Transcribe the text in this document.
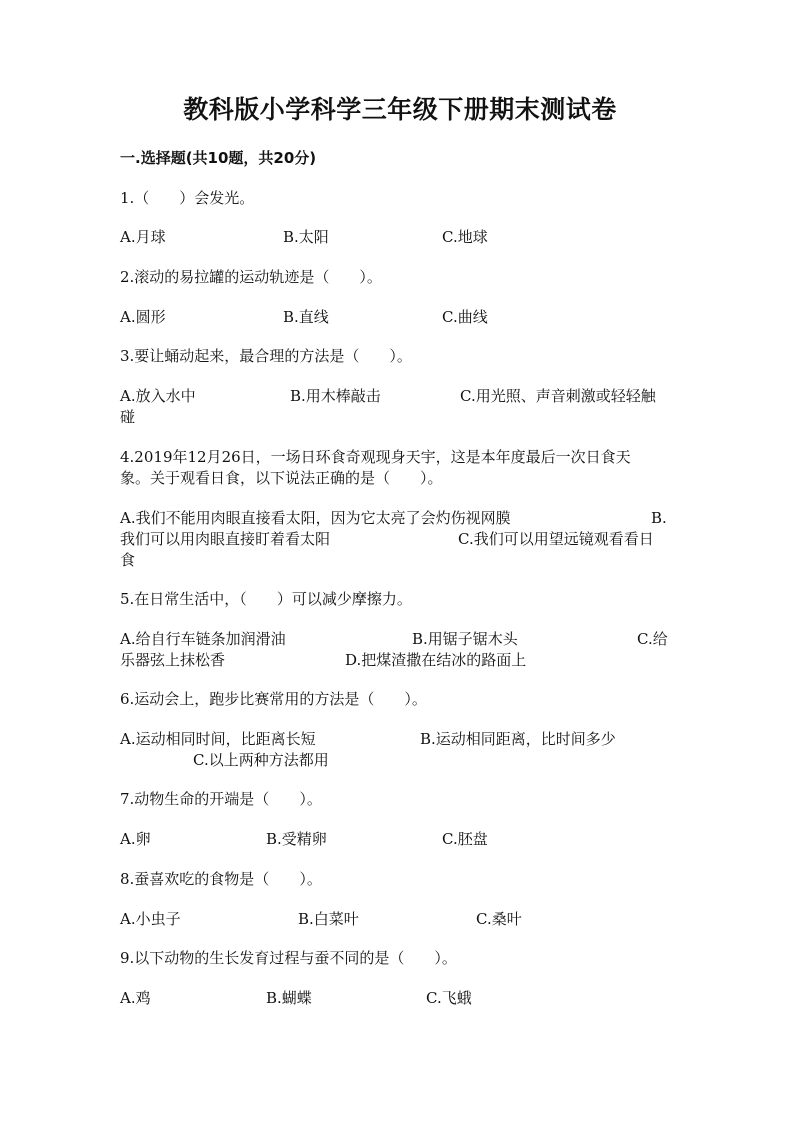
教科版小学科学三年级下册期末测试卷
一.选择题(共10题，共20分)
1.（　　）会发光。
A.月球	B.太阳	C.地球
2.滚动的易拉罐的运动轨迹是（　　）。
A.圆形	B.直线	C.曲线
3.要让蛹动起来，最合理的方法是（　　）。
A.放入水中	B.用木棒敲击	C.用光照、声音刺激或轻轻触
碰
4.2019年12月26日，一场日环食奇观现身天宇，这是本年度最后一次日食天
象。关于观看日食，以下说法正确的是（　　）。
A.我们不能用肉眼直接看太阳，因为它太亮了会灼伤视网膜	B.
我们可以用肉眼直接盯着看太阳	C.我们可以用望远镜观看看日
食
5.在日常生活中，（　　）可以减少摩擦力。
A.给自行车链条加润滑油	B.用锯子锯木头	C.给
乐器弦上抹松香	D.把煤渣撒在结冰的路面上
6.运动会上，跑步比赛常用的方法是（　　）。
A.运动相同时间，比距离长短	B.运动相同距离，比时间多少
C.以上两种方法都用
7.动物生命的开端是（　　）。
A.卵	B.受精卵	C.胚盘
8.蚕喜欢吃的食物是（　　）。
A.小虫子	B.白菜叶	C.桑叶
9.以下动物的生长发育过程与蚕不同的是（　　）。
A.鸡	B.蝴蝶	C.飞蛾
